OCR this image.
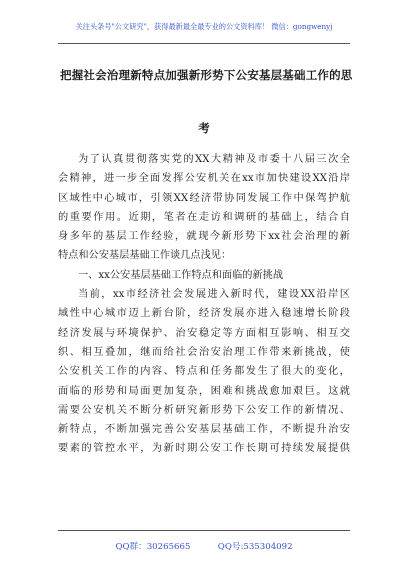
关注头条号"公文研究"，获得最新最全最专业的公文资料库！ 微信：gongwenyj
把握社会治理新特点加强新形势下公安基层基础工作的思
考

为了认真贯彻落实党的XX大精神及市委十八届三次全

会精神，进一步全面发挥公安机关在xx市加快建设XX沿岸

区域性中心城市，引领XX经济带协同发展工作中保驾护航

的重要作用。近期，笔者在走访和调研的基础上，结合自

身多年的基层工作经验，就现今新形势下xx社会治理的新

特点和公安基层基础工作谈几点浅见：

一、xx公安基层基础工作特点和面临的新挑战

当前，xx市经济社会发展进入新时代，建设XX沿岸区

域性中心城市迈上新台阶，经济发展亦进入稳速增长阶段

经济发展与环境保护、治安稳定等方面相互影响、相互交

织、相互叠加，继而给社会治安治理工作带来新挑战，使

公安机关工作的内容、特点和任务都发生了很大的变化，

面临的形势和局面更加复杂，困难和挑战愈加艰巨。这就

需要公安机关不断分析研究新形势下公安工作的新情况、

新特点，不断加强完善公安基层基础工作，不断提升治安

要素的管控水平，为新时期公安工作长期可持续发展提供

QQ群：30265665          QQ号:535304092
